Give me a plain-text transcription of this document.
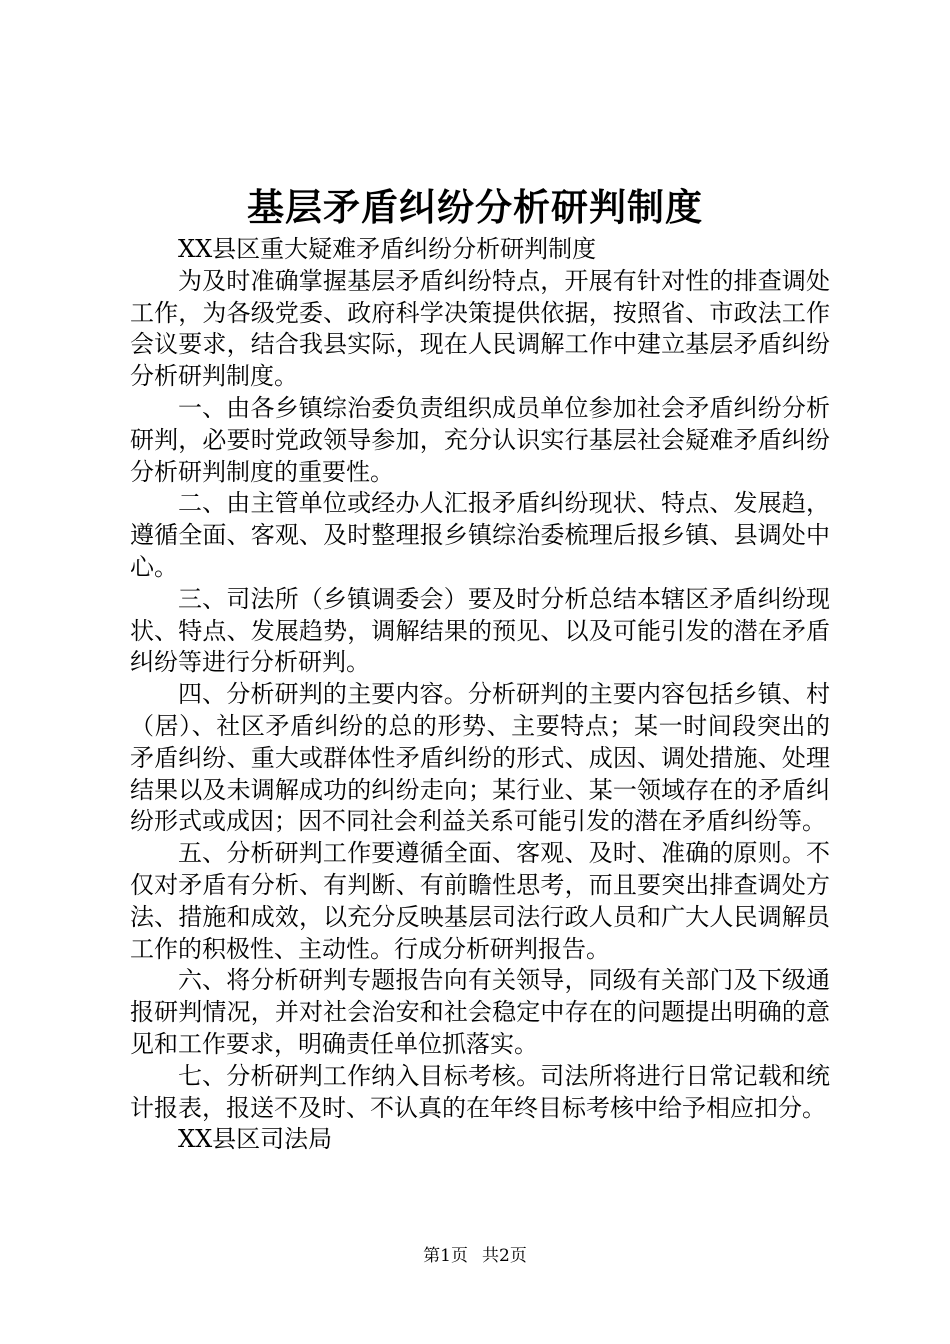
基层矛盾纠纷分析研判制度

XX县区重大疑难矛盾纠纷分析研判制度

为及时准确掌握基层矛盾纠纷特点，开展有针对性的排查调处工作，为各级党委、政府科学决策提供依据，按照省、市政法工作会议要求，结合我县实际，现在人民调解工作中建立基层矛盾纠纷分析研判制度。

一、由各乡镇综治委负责组织成员单位参加社会矛盾纠纷分析研判，必要时党政领导参加，充分认识实行基层社会疑难矛盾纠纷分析研判制度的重要性。

二、由主管单位或经办人汇报矛盾纠纷现状、特点、发展趋，遵循全面、客观、及时整理报乡镇综治委梳理后报乡镇、县调处中心。

三、司法所（乡镇调委会）要及时分析总结本辖区矛盾纠纷现状、特点、发展趋势，调解结果的预见、以及可能引发的潜在矛盾纠纷等进行分析研判。

四、分析研判的主要内容。分析研判的主要内容包括乡镇、村（居）、社区矛盾纠纷的总的形势、主要特点；某一时间段突出的矛盾纠纷、重大或群体性矛盾纠纷的形式、成因、调处措施、处理结果以及未调解成功的纠纷走向；某行业、某一领域存在的矛盾纠纷形式或成因；因不同社会利益关系可能引发的潜在矛盾纠纷等。

五、分析研判工作要遵循全面、客观、及时、准确的原则。不仅对矛盾有分析、有判断、有前瞻性思考，而且要突出排查调处方法、措施和成效，以充分反映基层司法行政人员和广大人民调解员工作的积极性、主动性。行成分析研判报告。

六、将分析研判专题报告向有关领导，同级有关部门及下级通报研判情况，并对社会治安和社会稳定中存在的问题提出明确的意见和工作要求，明确责任单位抓落实。

七、分析研判工作纳入目标考核。司法所将进行日常记载和统计报表，报送不及时、不认真的在年终目标考核中给予相应扣分。

XX县区司法局

第1页 共2页
